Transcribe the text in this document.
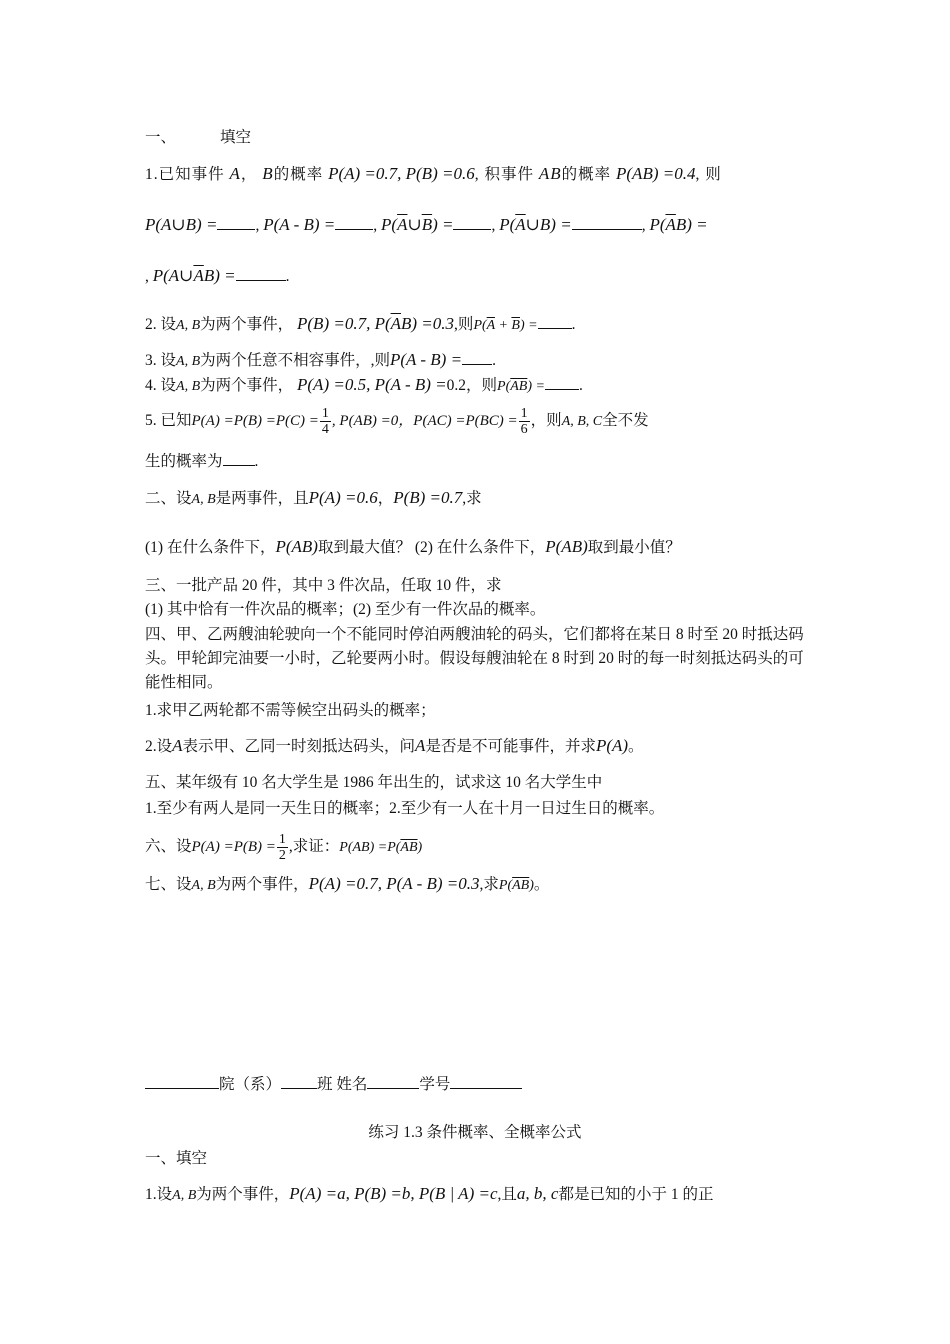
一、	填空
1.已知事件 A， B的概率 P(A) =0.7, P(B) =0.6, 积事件 AB的概率 P(AB) =0.4, 则
P(A∪B) = , P(A - B) = , $P(\overline{A}\cup\overline{B})$ = , $P(\overline{A}\cup B)$ =	, $P(\overline{A}B)$ =
, $P(A\cup\overline{A}B)$ =	.
2. 设A, B为两个事件， P(B) =0.7, $P(\overline{A}B) =0.3$,则$P(\overline{A} + \overline{B})$ = .
3. 设A, B为两个任意不相容事件，,则P(A - B) = .
4. 设A, B为两个事件， P(A) =0.5, P(A - B) =0.2，则$P(\overline{AB})$ = .
5. 已知$P(A) =P(B) =P(C) = \frac{1}{4}$ , P(AB) =0，$P(AC) =P(BC) = \frac{1}{6}$ ，则A, B, C全不发
生的概率为 .
二、设A, B是两事件，且P(A) =0.6，P(B) =0.7,求
(1) 在什么条件下，P(AB)取到最大值？ (2) 在什么条件下，P(AB)取到最小值？
三、一批产品 20 件，其中 3 件次品，任取 10 件，求
(1) 其中恰有一件次品的概率；(2) 至少有一件次品的概率。
四、甲、乙两艘油轮驶向一个不能同时停泊两艘油轮的码头，它们都将在某日 8 时至 20 时抵达码头。甲轮卸完油要一小时，乙轮要两小时。假设每艘油轮在 8 时到 20 时的每一时刻抵达码头的可能性相同。
1.求甲乙两轮都不需等候空出码头的概率；
2.设A表示甲、乙同一时刻抵达码头，问A是否是不可能事件，并求P(A)。
五、某年级有 10 名大学生是 1986 年出生的，试求这 10 名大学生中
1.至少有两人是同一天生日的概率；2.至少有一人在十月一日过生日的概率。
六、设$P(A) =P(B) = \frac{1}{2}$ ,求证：$P(AB) =P(\overline{A}\overline{B})$
七、设A, B为两个事件，P(A) =0.7, P(A - B) =0.3,求$P(\overline{AB})$。
院（系） 班 姓名	学号
练习 1.3 条件概率、全概率公式
一、填空
1.设A, B为两个事件，P(A) =a, P(B) =b, P(B | A) =c,且a, b, c都是已知的小于 1 的正
